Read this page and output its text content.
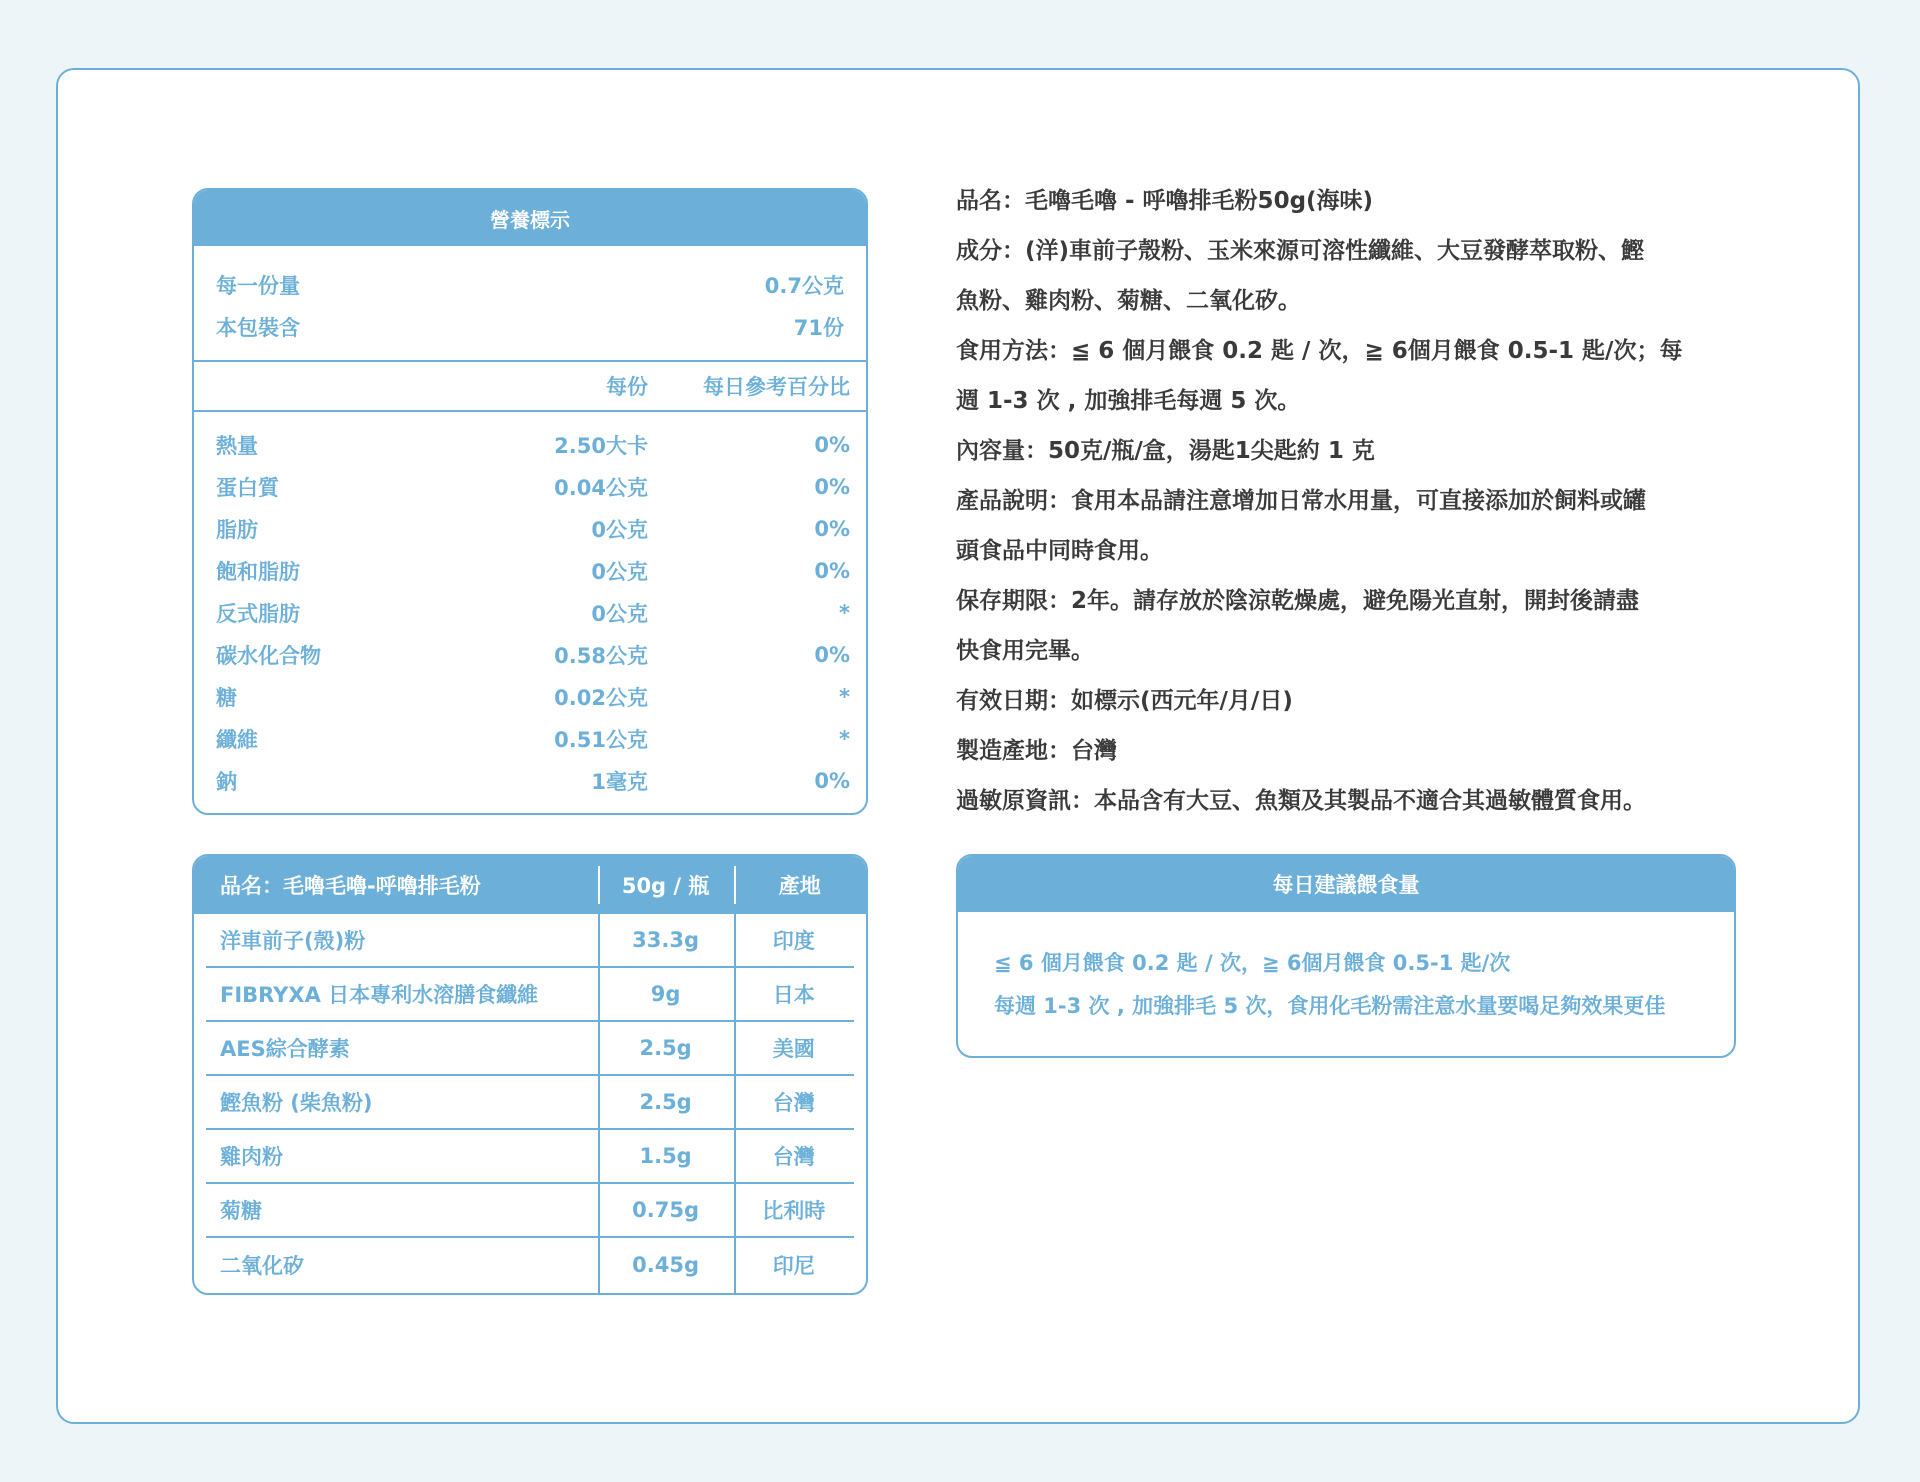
營養標示
每一份量	0.7公克
本包裝含	71份
每份	每日參考百分比
熱量	2.50大卡	0%
蛋白質	0.04公克	0%
脂肪	0公克	0%
飽和脂肪	0公克	0%
反式脂肪	0公克	*
碳水化合物	0.58公克	0%
糖	0.02公克	*
纖維	0.51公克	*
鈉	1毫克	0%
品名：毛嚕毛嚕-呼嚕排毛粉	50g / 瓶	產地
洋車前子(殼)粉	33.3g	印度
FIBRYXA 日本專利水溶膳食纖維	9g	日本
AES綜合酵素	2.5g	美國
鰹魚粉 (柴魚粉)	2.5g	台灣
雞肉粉	1.5g	台灣
菊糖	0.75g	比利時
二氧化矽	0.45g	印尼

品名：毛嚕毛嚕 - 呼嚕排毛粉50g(海味)

成分：(洋)車前子殼粉、玉米來源可溶性纖維、大豆發酵萃取粉、鰹

魚粉、雞肉粉、菊糖、二氧化矽。

食用方法：≦ 6 個月餵食 0.2 匙 / 次，≧ 6個月餵食 0.5-1 匙/次；每

週 1-3 次 , 加強排毛每週 5 次。

內容量：50克/瓶/盒，湯匙1尖匙約 1 克

產品說明：食用本品請注意增加日常水用量，可直接添加於飼料或罐

頭食品中同時食用。

保存期限：2年。請存放於陰涼乾燥處，避免陽光直射，開封後請盡

快食用完畢。

有效日期：如標示(西元年/月/日)

製造產地：台灣

過敏原資訊：本品含有大豆、魚類及其製品不適合其過敏體質食用。

每日建議餵食量

≦ 6 個月餵食 0.2 匙 / 次，≧ 6個月餵食 0.5-1 匙/次

每週 1-3 次 , 加強排毛 5 次，食用化毛粉需注意水量要喝足夠效果更佳
